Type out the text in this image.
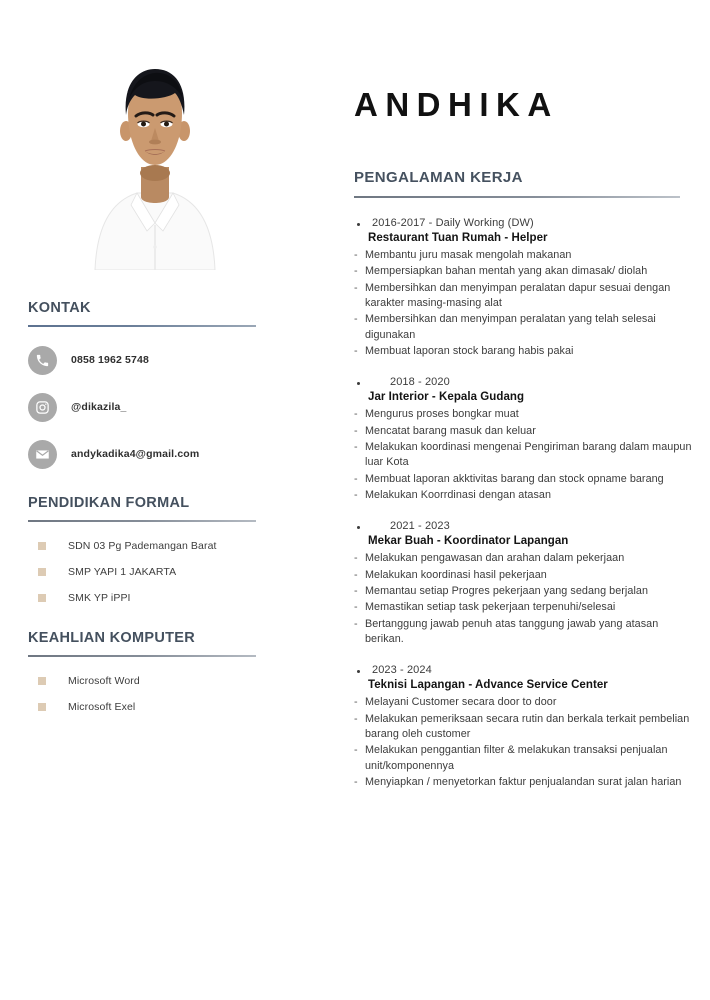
KONTAK
0858 1962 5748
@dikazila_
andykadika4@gmail.com
PENDIDIKAN FORMAL
SDN 03 Pg Pademangan Barat
SMP YAPI 1 JAKARTA
SMK YP iPPI
KEAHLIAN KOMPUTER
Microsoft Word
Microsoft Exel
ANDHIKA
PENGALAMAN KERJA
2016-2017 - Daily Working (DW)
Restaurant Tuan Rumah - Helper
- Membantu juru masak mengolah makanan
- Mempersiapkan bahan mentah yang akan dimasak/ diolah
- Membersihkan dan menyimpan peralatan dapur sesuai dengan karakter masing-masing alat
- Membersihkan dan menyimpan peralatan yang telah selesai digunakan
- Membuat laporan stock barang habis pakai
2018 - 2020
Jar Interior - Kepala Gudang
- Mengurus proses bongkar muat
- Mencatat barang masuk dan keluar
- Melakukan koordinasi mengenai Pengiriman barang dalam maupun luar Kota
- Membuat laporan akktivitas barang dan stock opname barang
- Melakukan Koorrdinasi dengan atasan
2021 - 2023
Mekar Buah - Koordinator Lapangan
- Melakukan pengawasan dan arahan dalam pekerjaan
- Melakukan koordinasi hasil pekerjaan
- Memantau setiap Progres pekerjaan yang sedang berjalan
- Memastikan setiap task pekerjaan terpenuhi/selesai
- Bertanggung jawab penuh atas tanggung jawab yang atasan berikan.
2023 - 2024
Teknisi Lapangan - Advance Service Center
- Melayani Customer secara door to door
- Melakukan pemeriksaan secara rutin dan berkala terkait pembelian barang oleh customer
- Melakukan penggantian filter & melakukan transaksi penjualan unit/komponennya
- Menyiapkan / menyetorkan faktur penjualandan surat jalan harian
